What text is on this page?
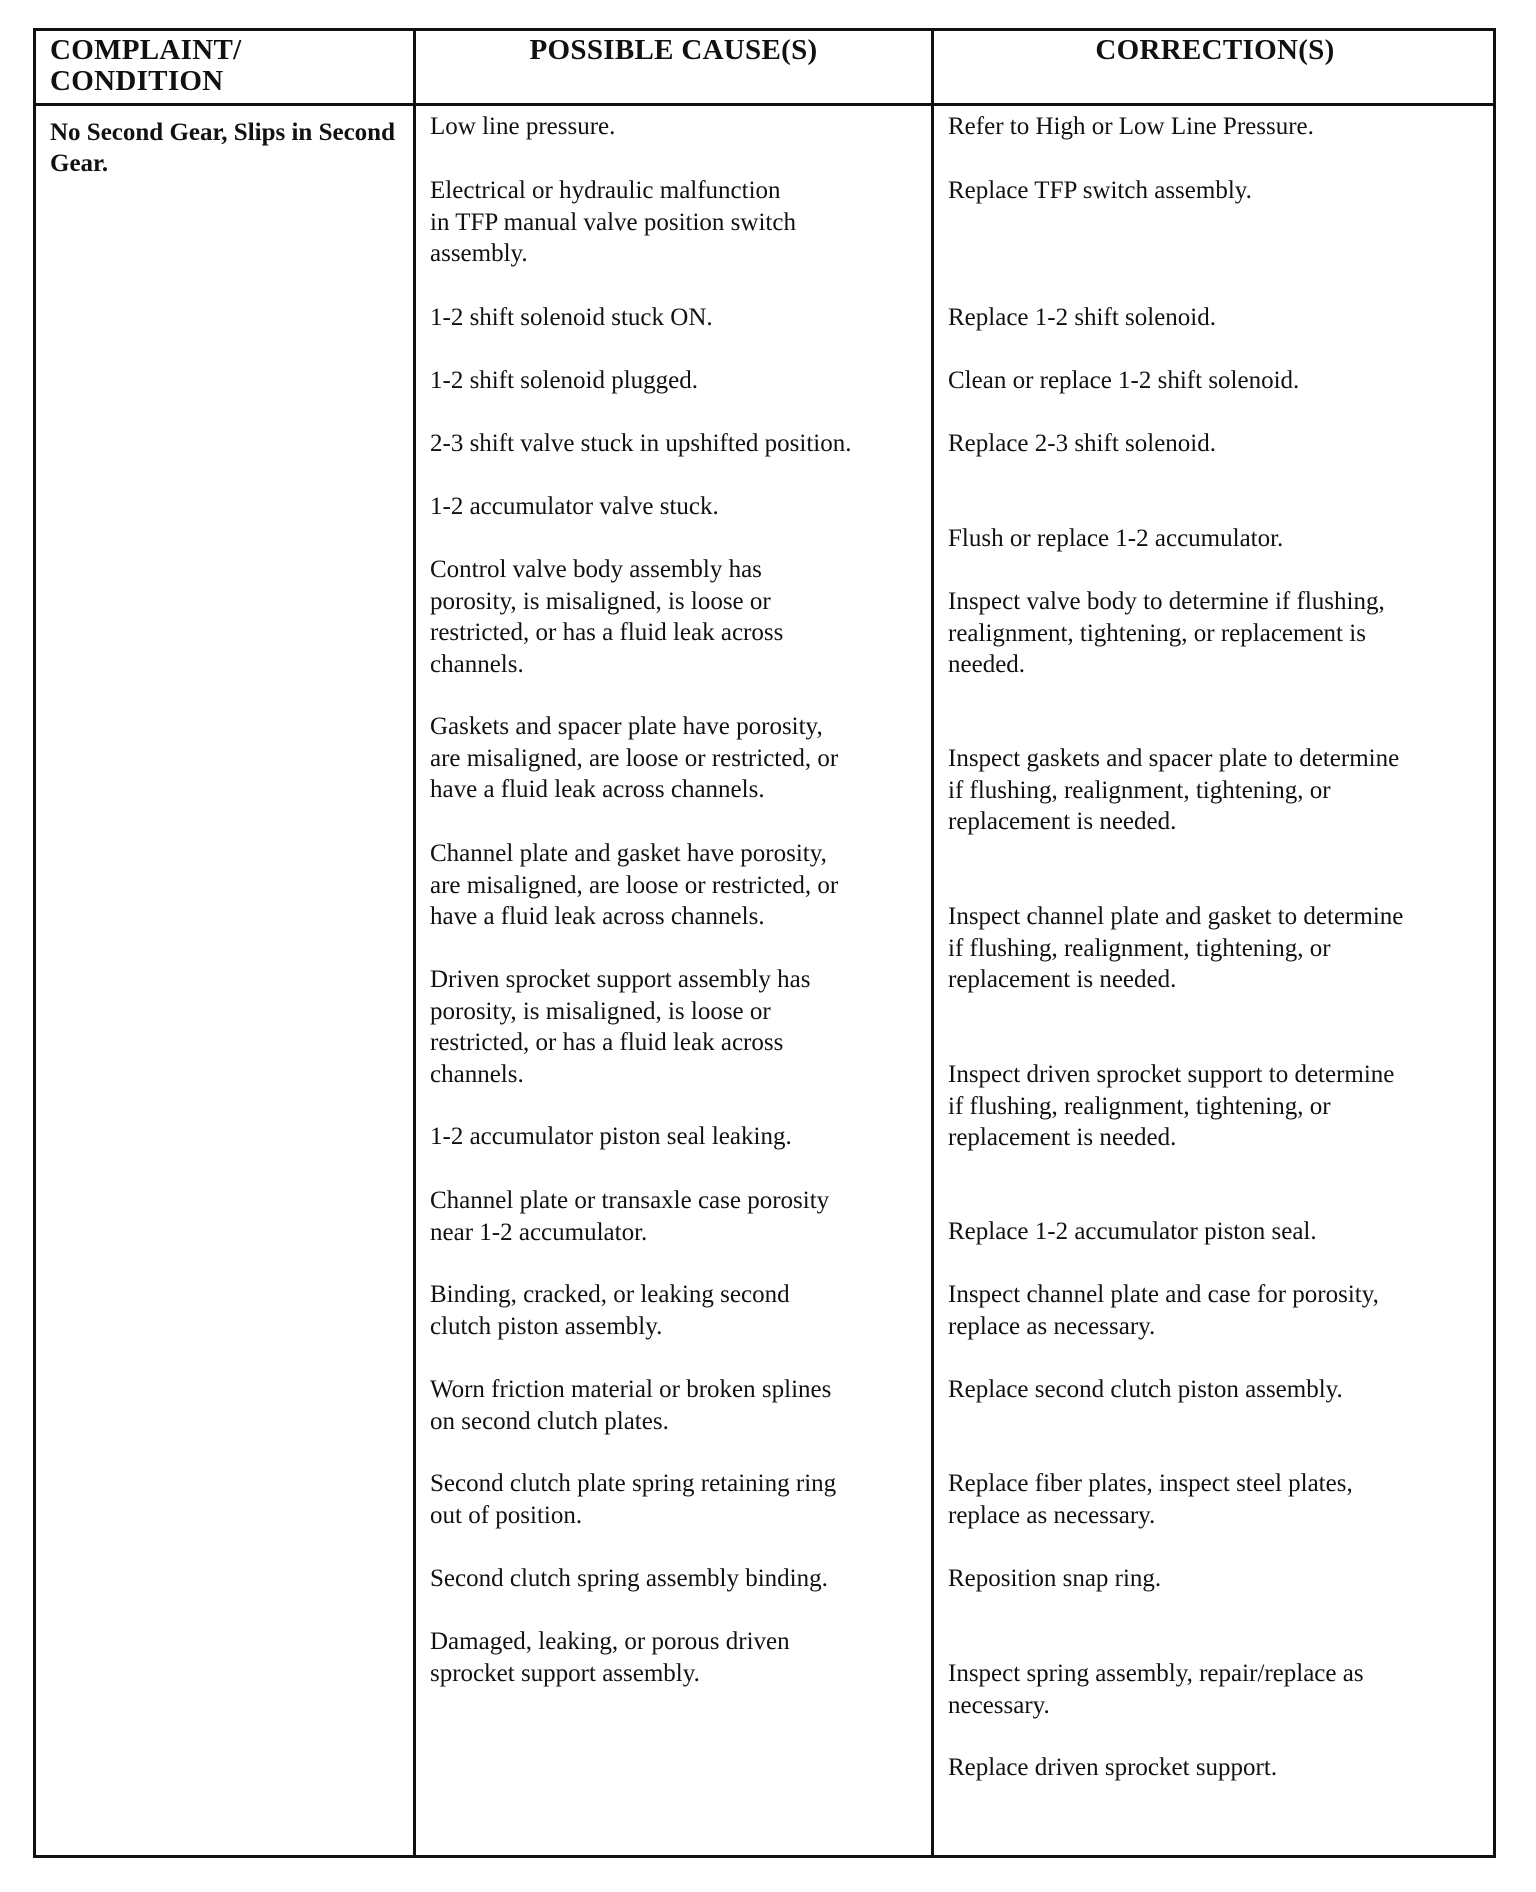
COMPLAINT/
CONDITION
POSSIBLE CAUSE(S)	CORRECTION(S)
No Second Gear, Slips in Second Gear.
Low line pressure.
Electrical or hydraulic malfunction
in TFP manual valve position switch
assembly.
1-2 shift solenoid stuck ON.
1-2 shift solenoid plugged.
2-3 shift valve stuck in upshifted position.
1-2 accumulator valve stuck.
Control valve body assembly has
porosity, is misaligned, is loose or
restricted, or has a fluid leak across
channels.
Gaskets and spacer plate have porosity,
are misaligned, are loose or restricted, or
have a fluid leak across channels.
Channel plate and gasket have porosity,
are misaligned, are loose or restricted, or
have a fluid leak across channels.
Driven sprocket support assembly has
porosity, is misaligned, is loose or
restricted, or has a fluid leak across
channels.
1-2 accumulator piston seal leaking.
Channel plate or transaxle case porosity
near 1-2 accumulator.
Binding, cracked, or leaking second
clutch piston assembly.
Worn friction material or broken splines
on second clutch plates.
Second clutch plate spring retaining ring
out of position.
Second clutch spring assembly binding.
Damaged, leaking, or porous driven
sprocket support assembly.
Refer to High or Low Line Pressure.
Replace TFP switch assembly.
Replace 1-2 shift solenoid.
Clean or replace 1-2 shift solenoid.
Replace 2-3 shift solenoid.
Flush or replace 1-2 accumulator.
Inspect valve body to determine if flushing,
realignment, tightening, or replacement is
needed.
Inspect gaskets and spacer plate to determine
if flushing, realignment, tightening, or
replacement is needed.
Inspect channel plate and gasket to determine
if flushing, realignment, tightening, or
replacement is needed.
Inspect driven sprocket support to determine
if flushing, realignment, tightening, or
replacement is needed.
Replace 1-2 accumulator piston seal.
Inspect channel plate and case for porosity,
replace as necessary.
Replace second clutch piston assembly.
Replace fiber plates, inspect steel plates,
replace as necessary.
Reposition snap ring.
Inspect spring assembly, repair/replace as
necessary.
Replace driven sprocket support.
